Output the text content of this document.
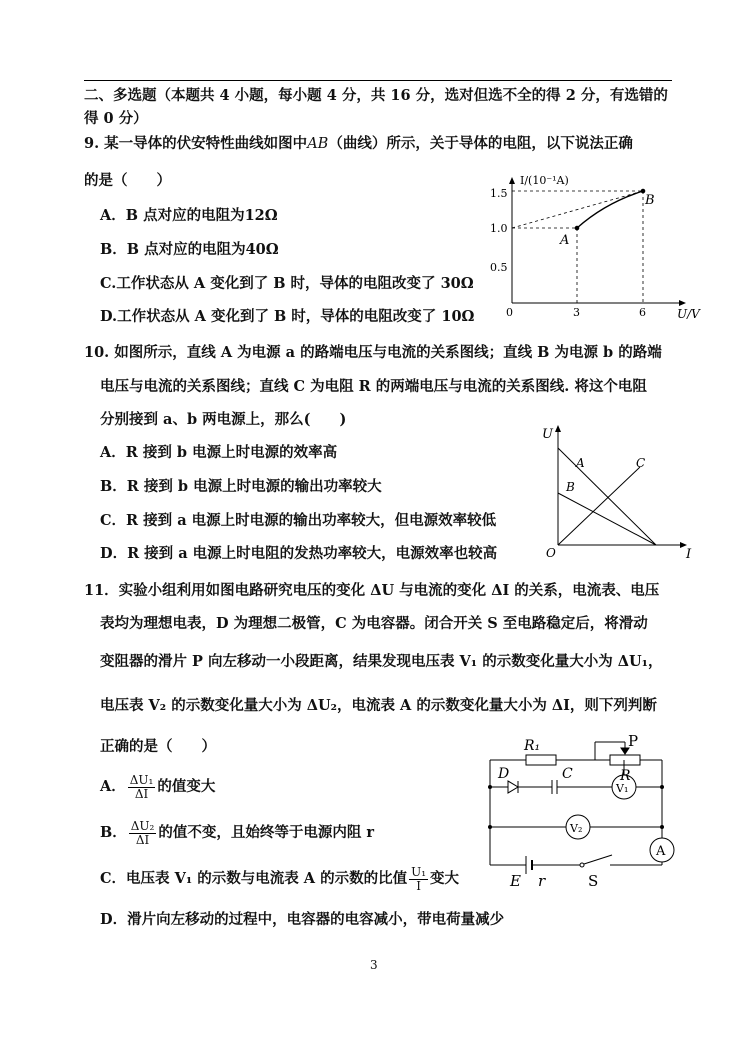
二、多选题（本题共 4 小题，每小题 4 分，共 16 分，选对但选不全的得 2 分，有选错的
得 0 分）
9. 某一导体的伏安特性曲线如图中AB（曲线）所示，关于导体的电阻，以下说法正确
的是（　　）
A．B 点对应的电阻为12Ω
B．B 点对应的电阻为40Ω
C.工作状态从 A 变化到了 B 时，导体的电阻改变了 30Ω
D.工作状态从 A 变化到了 B 时，导体的电阻改变了 10Ω
I/(10⁻¹A)
U/V
1.5
1.0
0.5
0	3	6
A
B
10. 如图所示，直线 A 为电源 a 的路端电压与电流的关系图线；直线 B 为电源 b 的路端
电压与电流的关系图线；直线 C 为电阻 R 的两端电压与电流的关系图线. 将这个电阻
分别接到 a、b 两电源上，那么(　　)
A．R 接到 b 电源上时电源的效率高
B．R 接到 b 电源上时电源的输出功率较大
C．R 接到 a 电源上时电源的输出功率较大，但电源效率较低
D．R 接到 a 电源上时电阻的发热功率较大，电源效率也较高
U
I
O
A
B
C
11．实验小组利用如图电路研究电压的变化 ΔU 与电流的变化 ΔI 的关系，电流表、电压
表均为理想电表，D 为理想二极管，C 为电容器。闭合开关 S 至电路稳定后，将滑动
变阻器的滑片 P 向左移动一小段距离，结果发现电压表 V₁ 的示数变化量大小为 ΔU₁，
电压表 V₂ 的示数变化量大小为 ΔU₂，电流表 A 的示数变化量大小为 ΔI，则下列判断
正确的是（　　）
A． $\frac{\text{ΔU₁}}{\Delta I}$ 的值变大
B． $\frac{\text{ΔU₂}}{\Delta I}$ 的值不变，且始终等于电源内阻 r
C．电压表 V₁ 的示数与电流表 A 的示数的比值 $\frac{\text{U₁}}{I}$ 变大
D．滑片向左移动的过程中，电容器的电容减小，带电荷量减少
R₁	P
R
D	C
V₁
V₂
A
E r	S
3
